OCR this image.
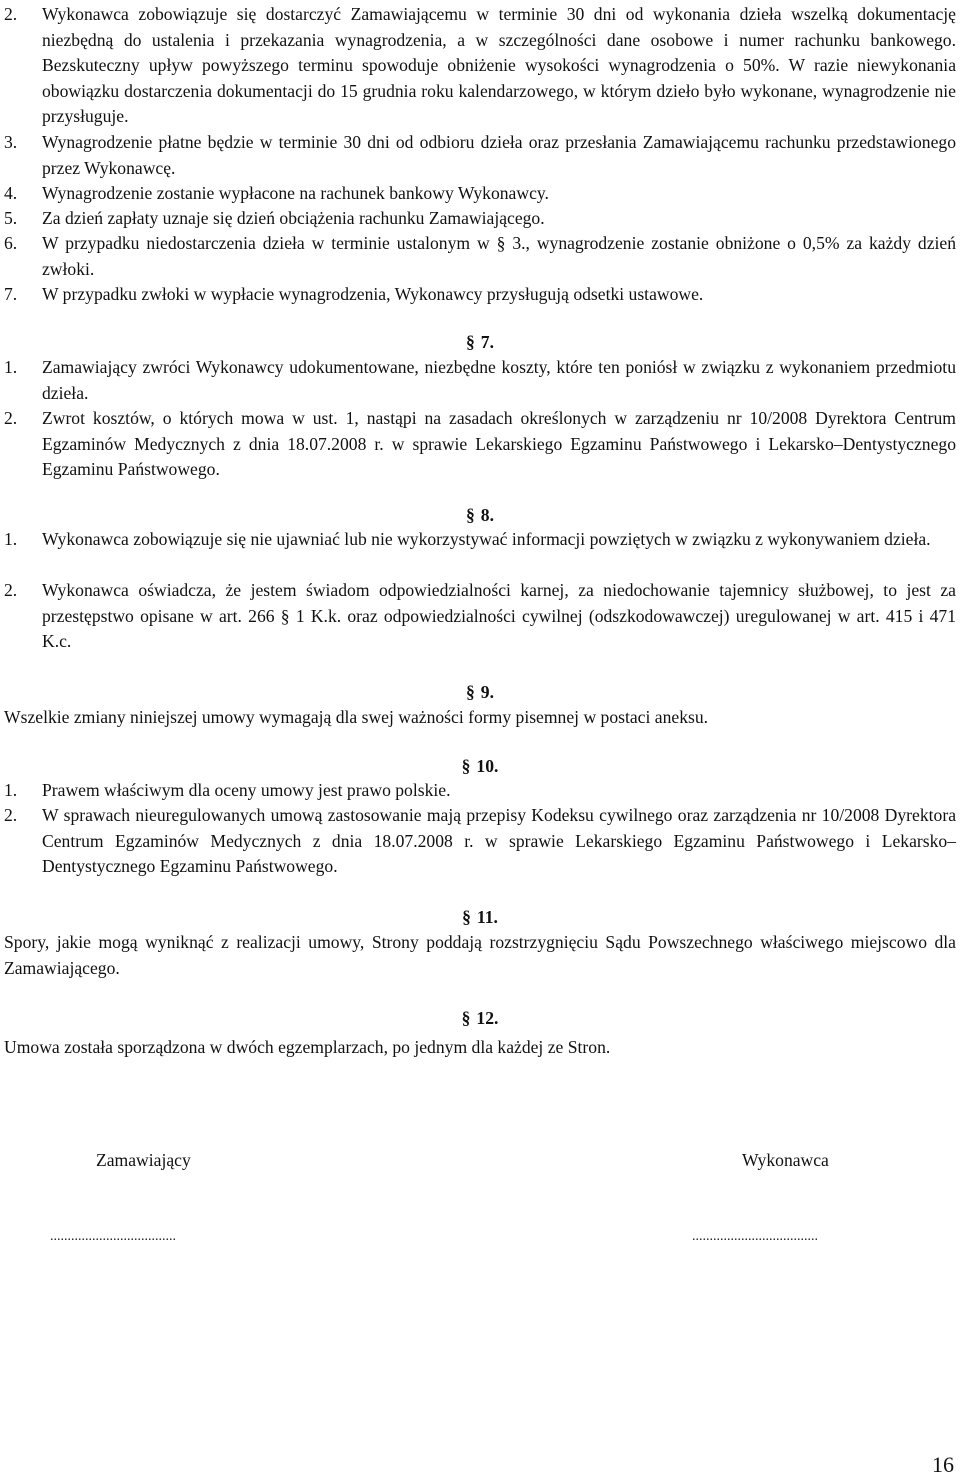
2. Wykonawca zobowiązuje się dostarczyć Zamawiającemu w terminie 30 dni od wykonania dzieła wszelką dokumentację niezbędną do ustalenia i przekazania wynagrodzenia, a w szczególności dane osobowe i numer rachunku bankowego. Bezskuteczny upływ powyższego terminu spowoduje obniżenie wysokości wynagrodzenia o 50%. W razie niewykonania obowiązku dostarczenia dokumentacji do 15 grudnia roku kalendarzowego, w którym dzieło było wykonane, wynagrodzenie nie przysługuje.
3. Wynagrodzenie płatne będzie w terminie 30 dni od odbioru dzieła oraz przesłania Zamawiającemu rachunku przedstawionego przez Wykonawcę.
4. Wynagrodzenie zostanie wypłacone na rachunek bankowy Wykonawcy.
5. Za dzień zapłaty uznaje się dzień obciążenia rachunku Zamawiającego.
6. W przypadku niedostarczenia dzieła w terminie ustalonym w § 3., wynagrodzenie zostanie obniżone o 0,5% za każdy dzień zwłoki.
7. W przypadku zwłoki w wypłacie wynagrodzenia, Wykonawcy przysługują odsetki ustawowe.
§ 7.
1. Zamawiający zwróci Wykonawcy udokumentowane, niezbędne koszty, które ten poniósł w związku z wykonaniem przedmiotu dzieła.
2. Zwrot kosztów, o których mowa w ust. 1, nastąpi na zasadach określonych w zarządzeniu nr 10/2008 Dyrektora Centrum Egzaminów Medycznych z dnia 18.07.2008 r. w sprawie Lekarskiego Egzaminu Państwowego i Lekarsko–Dentystycznego Egzaminu Państwowego.
§ 8.
1. Wykonawca zobowiązuje się nie ujawniać lub nie wykorzystywać informacji powziętych w związku z wykonywaniem dzieła.
2. Wykonawca oświadcza, że jestem świadom odpowiedzialności karnej, za niedochowanie tajemnicy służbowej, to jest za przestępstwo opisane w art. 266 § 1 K.k. oraz odpowiedzialności cywilnej (odszkodowawczej) uregulowanej w art. 415 i 471 K.c.
§ 9.
Wszelkie zmiany niniejszej umowy wymagają dla swej ważności formy pisemnej w postaci aneksu.
§ 10.
1. Prawem właściwym dla oceny umowy jest prawo polskie.
2. W sprawach nieuregulowanych umową zastosowanie mają przepisy Kodeksu cywilnego oraz zarządzenia nr 10/2008 Dyrektora Centrum Egzaminów Medycznych z dnia 18.07.2008 r. w sprawie Lekarskiego Egzaminu Państwowego i Lekarsko–Dentystycznego Egzaminu Państwowego.
§ 11.
Spory, jakie mogą wyniknąć z realizacji umowy, Strony poddają rozstrzygnięciu Sądu Powszechnego właściwego miejscowo dla Zamawiającego.
§ 12.
Umowa została sporządzona w dwóch egzemplarzach, po jednym dla każdej ze Stron.
Zamawiający	Wykonawca
....................................	....................................
16
